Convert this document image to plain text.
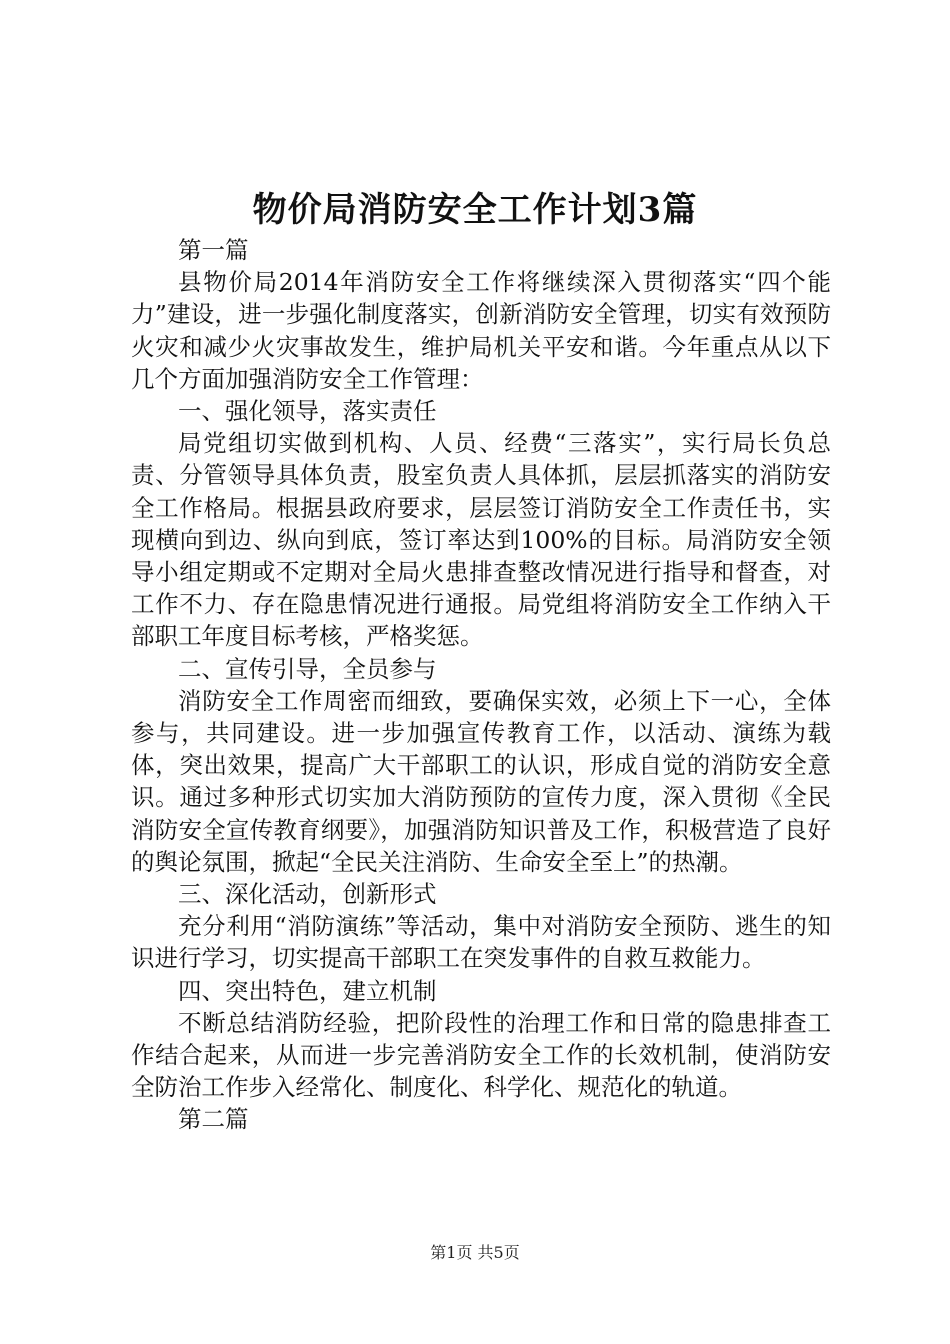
物价局消防安全工作计划3篇

第一篇

县物价局2014年消防安全工作将继续深入贯彻落实“四个能力”建设，进一步强化制度落实，创新消防安全管理，切实有效预防火灾和减少火灾事故发生，维护局机关平安和谐。今年重点从以下几个方面加强消防安全工作管理：

一、强化领导，落实责任

局党组切实做到机构、人员、经费“三落实”，实行局长负总责、分管领导具体负责，股室负责人具体抓，层层抓落实的消防安全工作格局。根据县政府要求，层层签订消防安全工作责任书，实现横向到边、纵向到底，签订率达到100%的目标。局消防安全领导小组定期或不定期对全局火患排查整改情况进行指导和督查，对工作不力、存在隐患情况进行通报。局党组将消防安全工作纳入干部职工年度目标考核，严格奖惩。

二、宣传引导，全员参与

消防安全工作周密而细致，要确保实效，必须上下一心，全体参与，共同建设。进一步加强宣传教育工作，以活动、演练为载体，突出效果，提高广大干部职工的认识，形成自觉的消防安全意识。通过多种形式切实加大消防预防的宣传力度，深入贯彻《全民消防安全宣传教育纲要》，加强消防知识普及工作，积极营造了良好的舆论氛围，掀起“全民关注消防、生命安全至上”的热潮。

三、深化活动，创新形式

充分利用“消防演练”等活动，集中对消防安全预防、逃生的知识进行学习，切实提高干部职工在突发事件的自救互救能力。

四、突出特色，建立机制

不断总结消防经验，把阶段性的治理工作和日常的隐患排查工作结合起来，从而进一步完善消防安全工作的长效机制，使消防安全防治工作步入经常化、制度化、科学化、规范化的轨道。

第二篇

第1页 共5页
